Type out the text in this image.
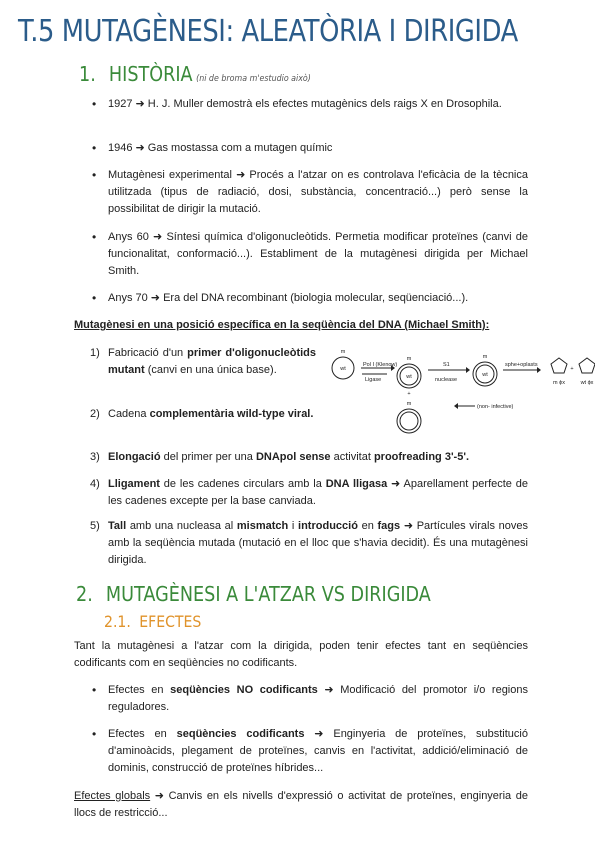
T.5 MUTAGÈNESI: ALEATÒRIA I DIRIGIDA
1. HISTÒRIA (ni de broma m'estudio això)

• 1927 ➜ H. J. Muller demostrà els efectes mutagènics dels raigs X en Drosophila.

• 1946 ➜ Gas mostassa com a mutagen químic

• Mutagènesi experimental ➜ Procés a l'atzar on es controlava l'eficàcia de la tècnica utilitzada (tipus de radiació, dosi, substància, concentració...) però sense la possibilitat de dirigir la mutació.

• Anys 60 ➜ Síntesi química d'oligonucleòtids. Permetia modificar proteïnes (canvi de funcionalitat, conformació...). Establiment de la mutagènesi dirigida per Michael Smith.

• Anys 70 ➜ Era del DNA recombinant (biologia molecular, seqüenciació...).

Mutagènesi en una posició específica en la seqüència del DNA (Michael Smith):

1) Fabricació d'un primer d'oligonucleòtids mutant (canvi en una única base).

2) Cadena complementària wild-type viral.

3) Elongació del primer per una DNApol sense activitat proofreading 3'-5'.

4) Lligament de les cadenes circulars amb la DNA lligasa ➜ Aparellament perfecte de les cadenes excepte per la base canviada.

5) Tall amb una nucleasa al mismatch i introducció en fags ➜ Partícules virals noves amb la seqüència mutada (mutació en el lloc que s'havia decidit). És una mutagènesi dirigida.

m
wt
Pol I (Klenow)
Ligase
m
wt
+
m
S1
nuclease
m
wt
(non- infective)
sphe+oplasts
m ϕx
+
wt ϕx
2. MUTAGÈNESI A L'ATZAR VS DIRIGIDA
2.1. EFECTES

Tant la mutagènesi a l'atzar com la dirigida, poden tenir efectes tant en seqüències codificants com en seqüències no codificants.

• Efectes en seqüències NO codificants ➜ Modificació del promotor i/o regions reguladores.

• Efectes en seqüències codificants ➜ Enginyeria de proteïnes, substitució d'aminoàcids, plegament de proteïnes, canvis en l'activitat, addició/eliminació de dominis, construcció de proteïnes híbrides...

Efectes globals ➜ Canvis en els nivells d'expressió o activitat de proteïnes, enginyeria de llocs de restricció...
